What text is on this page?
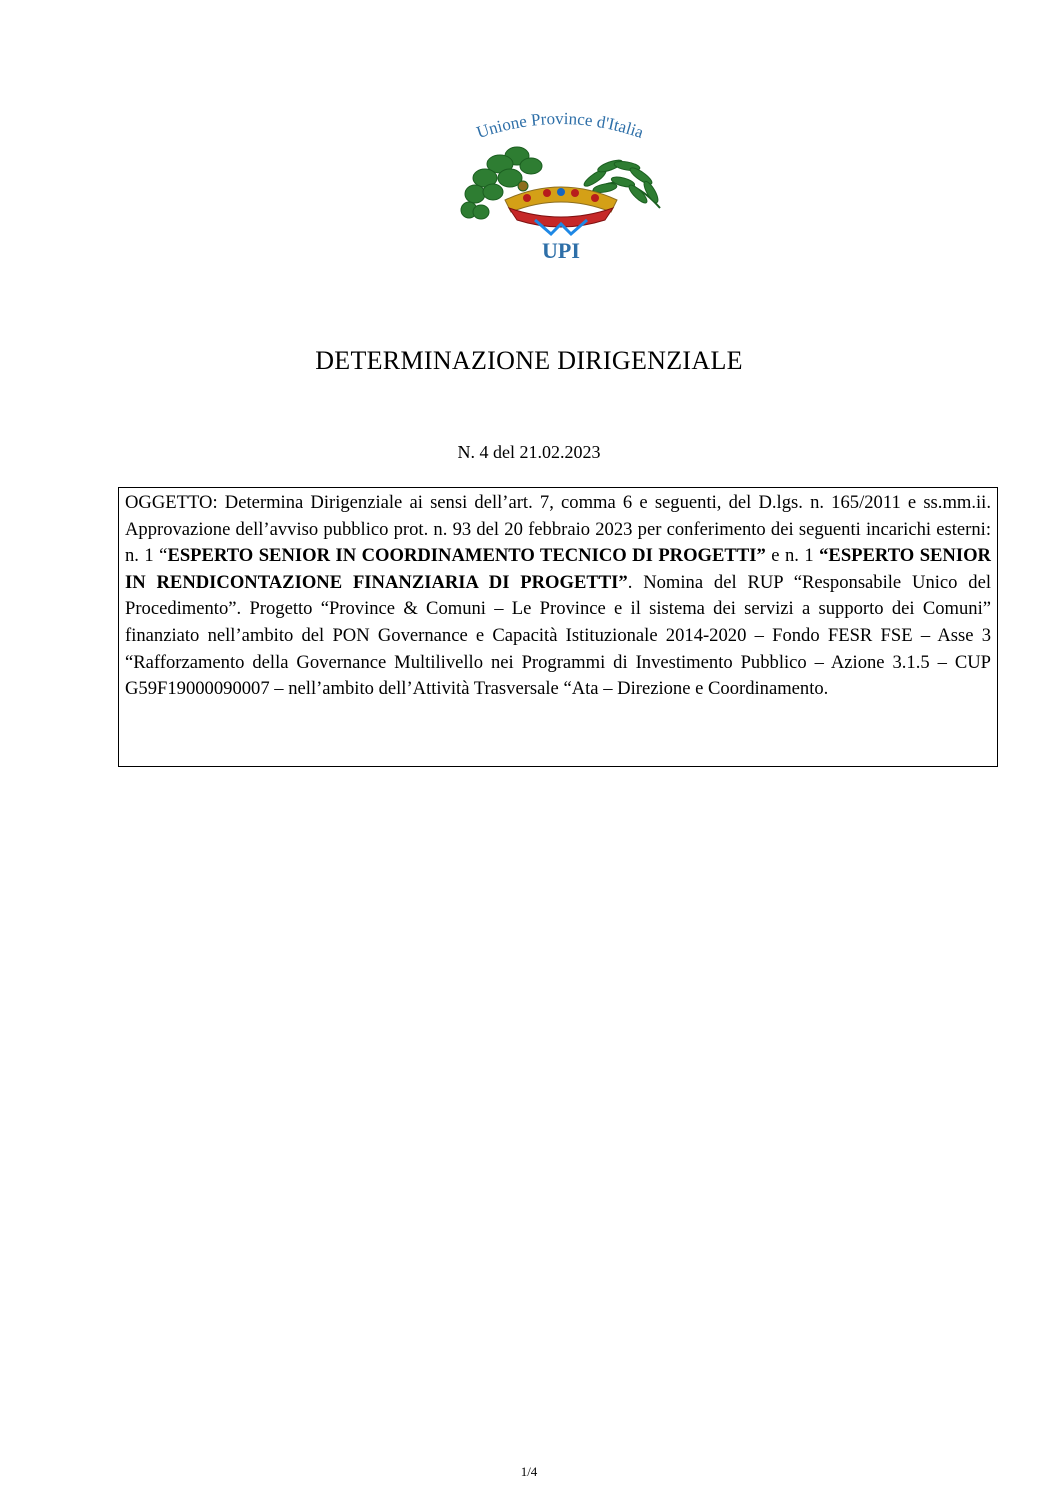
Unione Province d'Italia
UPI
DETERMINAZIONE DIRIGENZIALE
N. 4 del 21.02.2023

OGGETTO: Determina Dirigenziale ai sensi dell’art. 7, comma 6 e seguenti, del D.lgs. n. 165/2011 e ss.mm.ii. Approvazione dell’avviso pubblico prot. n. 93 del 20 febbraio 2023 per conferimento dei seguenti incarichi esterni: n. 1 “ESPERTO SENIOR IN COORDINAMENTO TECNICO DI PROGETTI” e n. 1 “ESPERTO SENIOR IN RENDICONTAZIONE FINANZIARIA DI PROGETTI”. Nomina del RUP “Responsabile Unico del Procedimento”. Progetto “Province & Comuni – Le Province e il sistema dei servizi a supporto dei Comuni” finanziato nell’ambito del PON Governance e Capacità Istituzionale 2014-2020 – Fondo FESR FSE – Asse 3 “Rafforzamento della Governance Multilivello nei Programmi di Investimento Pubblico – Azione 3.1.5 – CUP G59F19000090007 – nell’ambito dell’Attività Trasversale “Ata – Direzione e Coordinamento.

1/4
